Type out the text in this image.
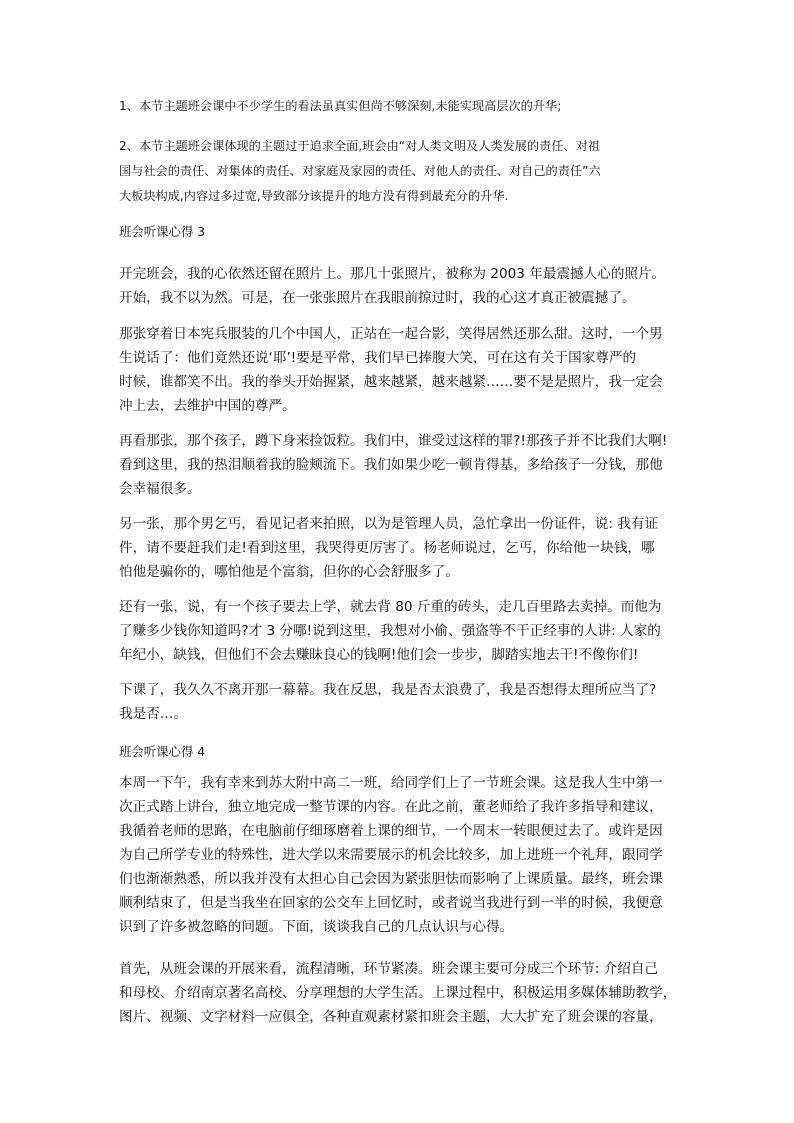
1、本节主题班会课中不少学生的看法虽真实但尚不够深刻,未能实现高层次的升华;
2、本节主题班会课体现的主题过于追求全面,班会由“对人类文明及人类发展的责任、对祖
国与社会的责任、对集体的责任、对家庭及家园的责任、对他人的责任、对自己的责任”六
大板块构成,内容过多过宽,导致部分该提升的地方没有得到最充分的升华.
班会听课心得 3
开完班会，我的心依然还留在照片上。那几十张照片，被称为 2003 年最震撼人心的照片。
开始，我不以为然。可是，在一张张照片在我眼前掠过时，我的心这才真正被震撼了。
那张穿着日本宪兵服装的几个中国人，正站在一起合影，笑得居然还那么甜。这时，一个男
生说话了：他们竟然还说‘耶’!要是平常，我们早已捧腹大笑，可在这有关于国家尊严的
时候，谁都笑不出。我的拳头开始握紧，越来越紧，越来越紧……要不是是照片，我一定会
冲上去，去维护中国的尊严。
再看那张，那个孩子，蹲下身来捡饭粒。我们中，谁受过这样的罪?!那孩子并不比我们大啊!
看到这里，我的热泪顺着我的脸颊流下。我们如果少吃一顿肯得基，多给孩子一分钱，那他
会幸福很多。
另一张，那个男乞丐，看见记者来拍照，以为是管理人员，急忙拿出一份证件，说: 我有证
件，请不要赶我们走!看到这里，我哭得更厉害了。杨老师说过，乞丐，你给他一块钱，哪
怕他是骗你的，哪怕他是个富翁，但你的心会舒服多了。
还有一张，说，有一个孩子要去上学，就去背 80 斤重的砖头，走几百里路去卖掉。而他为
了赚多少钱你知道吗?才 3 分哪!说到这里，我想对小偷、强盗等不干正经事的人讲: 人家的
年纪小，缺钱，但他们不会去赚昧良心的钱啊!他们会一步步，脚踏实地去干!不像你们!
下课了，我久久不离开那一幕幕。我在反思，我是否太浪费了，我是否想得太理所应当了?
我是否…。
班会听课心得 4
本周一下午，我有幸来到苏大附中高二一班，给同学们上了一节班会课。这是我人生中第一
次正式踏上讲台，独立地完成一整节课的内容。在此之前，董老师给了我许多指导和建议，
我循着老师的思路，在电脑前仔细琢磨着上课的细节，一个周末一转眼便过去了。或许是因
为自己所学专业的特殊性，进大学以来需要展示的机会比较多，加上进班一个礼拜，跟同学
们也渐渐熟悉，所以我并没有太担心自己会因为紧张胆怯而影响了上课质量。最终，班会课
顺利结束了，但是当我坐在回家的公交车上回忆时，或者说当我进行到一半的时候，我便意
识到了许多被忽略的问题。下面，谈谈我自己的几点认识与心得。
首先，从班会课的开展来看，流程清晰，环节紧凑。班会课主要可分成三个环节: 介绍自己
和母校、介绍南京著名高校、分享理想的大学生活。上课过程中，积极运用多媒体辅助教学，
图片、视频、文字材料一应俱全，各种直观素材紧扣班会主题，大大扩充了班会课的容量，
